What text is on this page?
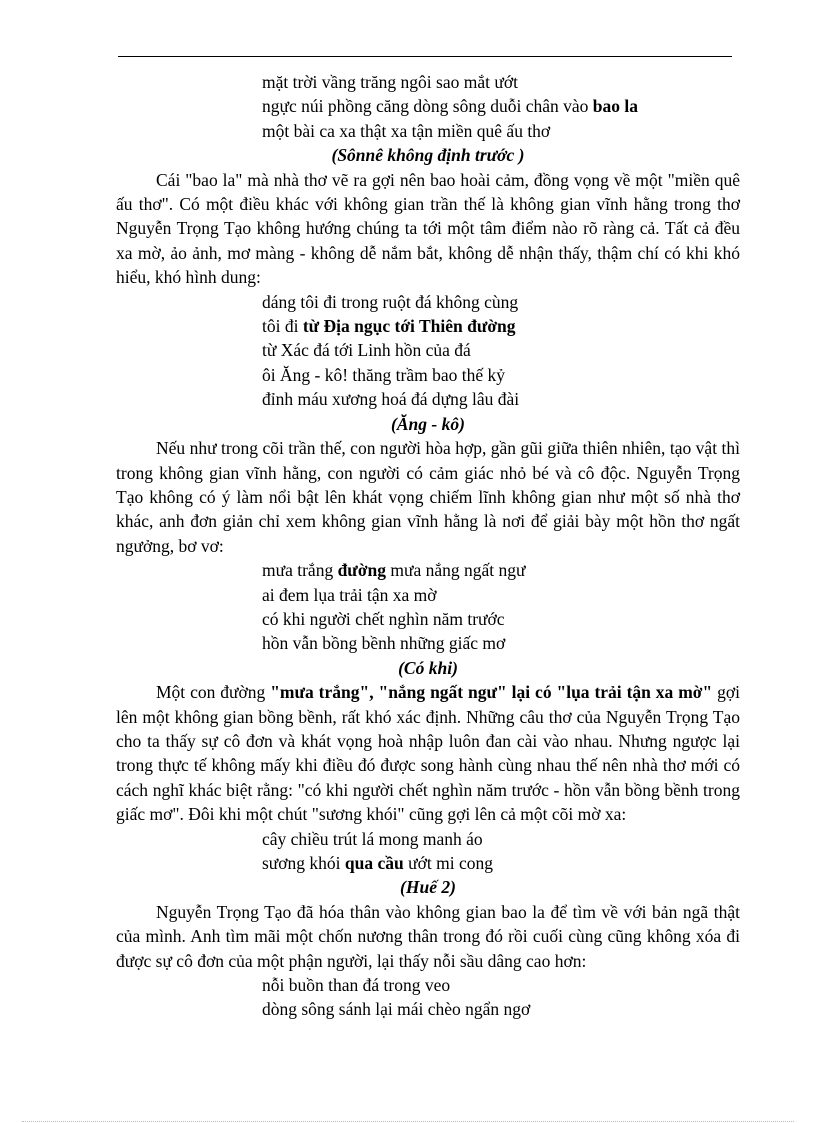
mặt trời vầng trăng ngôi sao mắt ướt
ngực núi phồng căng dòng sông duỗi chân vào bao la
một bài ca xa thật xa tận miền quê ấu thơ
(Sônnê không định trước )

Cái "bao la" mà nhà thơ vẽ ra gợi nên bao hoài cảm, đồng vọng về một "miền quê ấu thơ". Có một điều khác với không gian trần thế là không gian vĩnh hằng trong thơ Nguyễn Trọng Tạo không hướng chúng ta tới một tâm điểm nào rõ ràng cả. Tất cả đều xa mờ, ảo ảnh, mơ màng - không dễ nắm bắt, không dễ nhận thấy, thậm chí có khi khó hiểu, khó hình dung:

dáng tôi đi trong ruột đá không cùng
tôi đi từ Địa ngục tới Thiên đường
từ Xác đá tới Linh hồn của đá
ôi Ăng - kô! thăng trầm bao thế kỷ
đỉnh máu xương hoá đá dựng lâu đài
(Ăng - kô)

Nếu như trong cõi trần thế, con người hòa hợp, gần gũi giữa thiên nhiên, tạo vật thì trong không gian vĩnh hằng, con người có cảm giác nhỏ bé và cô độc. Nguyễn Trọng Tạo không có ý làm nổi bật lên khát vọng chiếm lĩnh không gian như một số nhà thơ khác, anh đơn giản chỉ xem không gian vĩnh hằng là nơi để giải bày một hồn thơ ngất ngưởng, bơ vơ:

mưa trắng đường mưa nắng ngất ngư
ai đem lụa trải tận xa mờ
có khi người chết nghìn năm trước
hồn vẫn bồng bềnh những giấc mơ
(Có khi)

Một con đường "mưa trắng", "nắng ngất ngư" lại có "lụa trải tận xa mờ" gợi lên một không gian bồng bềnh, rất khó xác định. Những câu thơ của Nguyễn Trọng Tạo cho ta thấy sự cô đơn và khát vọng hoà nhập luôn đan cài vào nhau. Nhưng ngược lại trong thực tế không mấy khi điều đó được song hành cùng nhau thế nên nhà thơ mới có cách nghĩ khác biệt rằng: "có khi người chết nghìn năm trước - hồn vẫn bồng bềnh trong giấc mơ". Đôi khi một chút "sương khói" cũng gợi lên cả một cõi mờ xa:

cây chiều trút lá mong manh áo
sương khói qua cầu ướt mi cong
(Huế 2)

Nguyễn Trọng Tạo đã hóa thân vào không gian bao la để tìm về với bản ngã thật của mình. Anh tìm mãi một chốn nương thân trong đó rồi cuối cùng cũng không xóa đi được sự cô đơn của một phận người, lại thấy nỗi sầu dâng cao hơn:

nỗi buồn than đá trong veo
dòng sông sánh lại mái chèo ngẩn ngơ
